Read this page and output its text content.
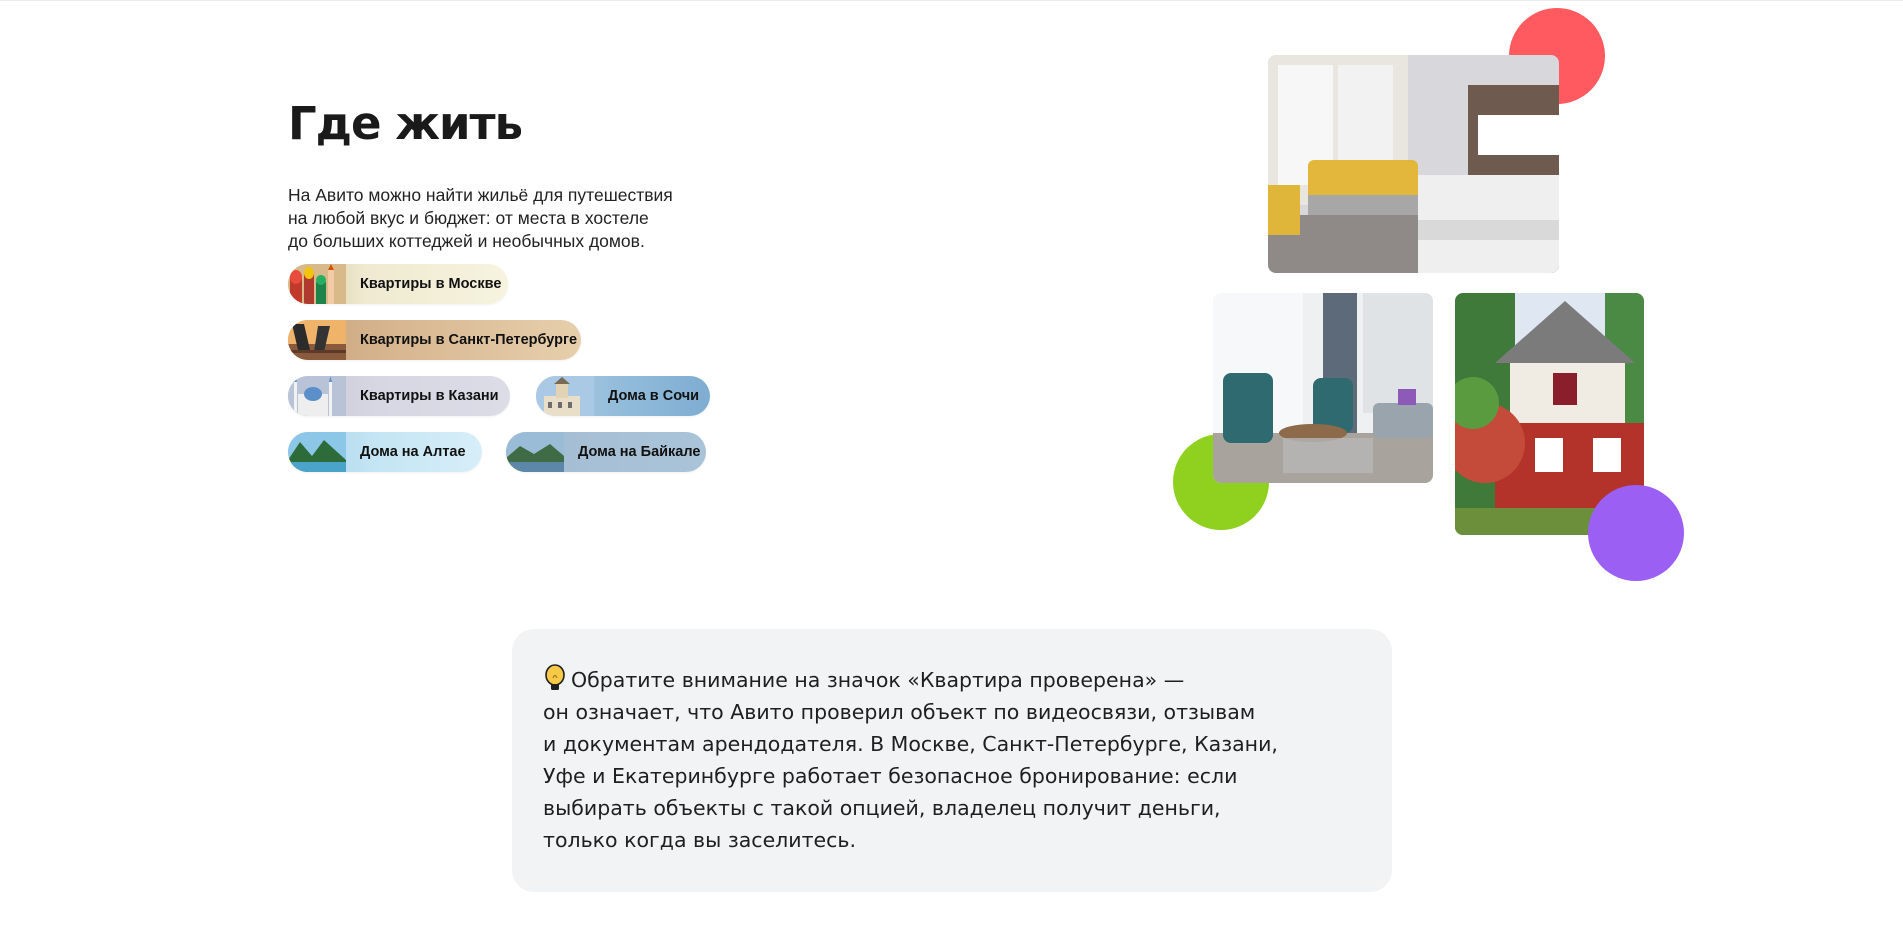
Где жить
На Авито можно найти жильё для путешествия
на любой вкус и бюджет: от места в хостеле
до больших коттеджей и необычных домов.
Квартиры в Москве
Квартиры в Санкт-Петербурге
Квартиры в Казани	Дома в Сочи
Дома на Алтае	Дома на Байкале

Обратите внимание на значок «Квартира проверена» —
он означает, что Авито проверил объект по видеосвязи, отзывам
и документам арендодателя. В Москве, Санкт-Петербурге, Казани,
Уфе и Екатеринбурге работает безопасное бронирование: если
выбирать объекты с такой опцией, владелец получит деньги,
только когда вы заселитесь.
